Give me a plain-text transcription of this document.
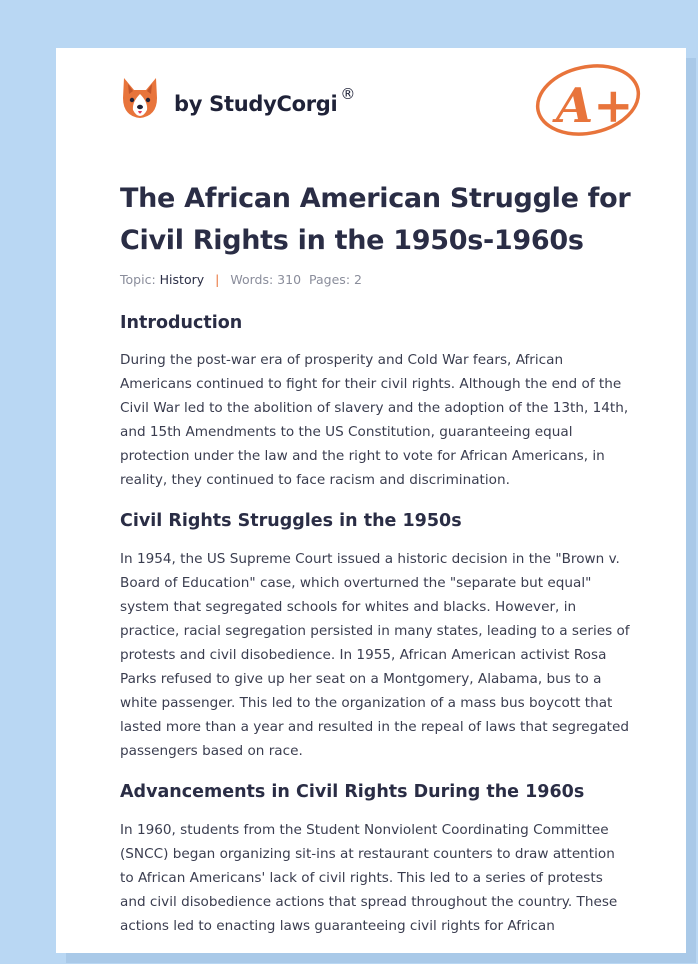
by StudyCorgi ®	A+
The African American Struggle for Civil Rights in the 1950s-1960s
Topic: History | Words: 310 Pages: 2
Introduction

During the post-war era of prosperity and Cold War fears, African Americans continued to fight for their civil rights. Although the end of the Civil War led to the abolition of slavery and the adoption of the 13th, 14th, and 15th Amendments to the US Constitution, guaranteeing equal protection under the law and the right to vote for African Americans, in reality, they continued to face racism and discrimination.

Civil Rights Struggles in the 1950s

In 1954, the US Supreme Court issued a historic decision in the "Brown v. Board of Education" case, which overturned the "separate but equal" system that segregated schools for whites and blacks. However, in practice, racial segregation persisted in many states, leading to a series of protests and civil disobedience. In 1955, African American activist Rosa Parks refused to give up her seat on a Montgomery, Alabama, bus to a white passenger. This led to the organization of a mass bus boycott that lasted more than a year and resulted in the repeal of laws that segregated passengers based on race.

Advancements in Civil Rights During the 1960s

In 1960, students from the Student Nonviolent Coordinating Committee (SNCC) began organizing sit-ins at restaurant counters to draw attention to African Americans' lack of civil rights. This led to a series of protests and civil disobedience actions that spread throughout the country. These actions led to enacting laws guaranteeing civil rights for African
